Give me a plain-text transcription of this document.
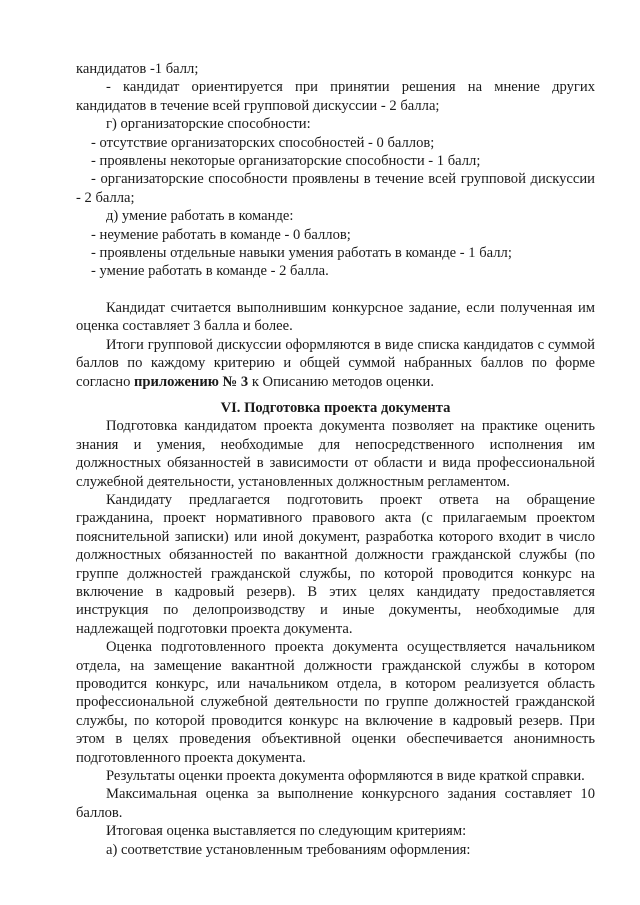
кандидатов -1 балл;

- кандидат ориентируется при принятии решения на мнение других кандидатов в течение всей групповой дискуссии - 2 балла;

г) организаторские способности:

- отсутствие организаторских способностей - 0 баллов;

- проявлены некоторые организаторские способности - 1 балл;

- организаторские способности проявлены в течение всей групповой дискуссии - 2 балла;

д) умение работать в команде:

- неумение работать в команде - 0 баллов;

- проявлены отдельные навыки умения работать в команде - 1 балл;

- умение работать в команде - 2 балла.

Кандидат считается выполнившим конкурсное задание, если полученная им оценка составляет 3 балла и более.

Итоги групповой дискуссии оформляются в виде списка кандидатов с суммой баллов по каждому критерию и общей суммой набранных баллов по форме согласно приложению № 3 к Описанию методов оценки.

VI. Подготовка проекта документа

Подготовка кандидатом проекта документа позволяет на практике оценить знания и умения, необходимые для непосредственного исполнения им должностных обязанностей в зависимости от области и вида профессиональной служебной деятельности, установленных должностным регламентом.

Кандидату предлагается подготовить проект ответа на обращение гражданина, проект нормативного правового акта (с прилагаемым проектом пояснительной записки) или иной документ, разработка которого входит в число должностных обязанностей по вакантной должности гражданской службы (по группе должностей гражданской службы, по которой проводится конкурс на включение в кадровый резерв). В этих целях кандидату предоставляется инструкция по делопроизводству и иные документы, необходимые для надлежащей подготовки проекта документа.

Оценка подготовленного проекта документа осуществляется начальником отдела, на замещение вакантной должности гражданской службы в котором проводится конкурс, или начальником отдела, в котором реализуется область профессиональной служебной деятельности по группе должностей гражданской службы, по которой проводится конкурс на включение в кадровый резерв. При этом в целях проведения объективной оценки обеспечивается анонимность подготовленного проекта документа.

Результаты оценки проекта документа оформляются в виде краткой справки.

Максимальная оценка за выполнение конкурсного задания составляет 10 баллов.

Итоговая оценка выставляется по следующим критериям:

а) соответствие установленным требованиям оформления:
